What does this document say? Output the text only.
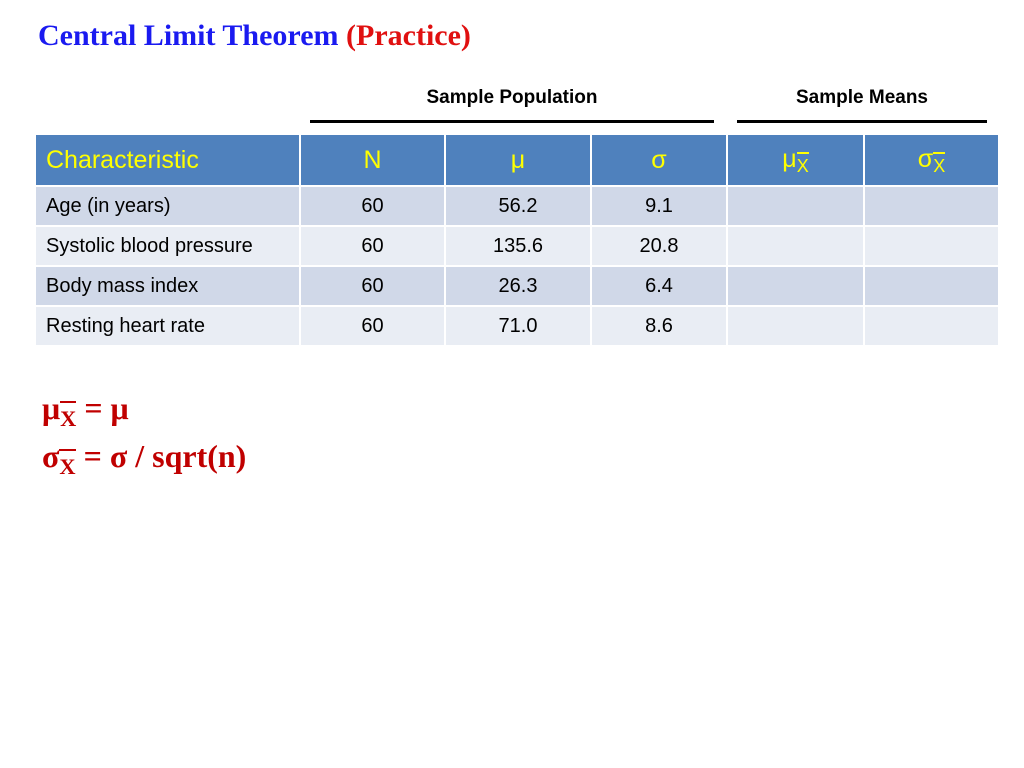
Central Limit Theorem (Practice)
Sample Population	Sample Means
Characteristic	N	μ	σ	μX	σX
Age (in years)	60	56.2	9.1		
Systolic blood pressure	60	135.6	20.8		
Body mass index	60	26.3	6.4		
Resting heart rate	60	71.0	8.6		
μX = μ
σX = σ / sqrt(n)
